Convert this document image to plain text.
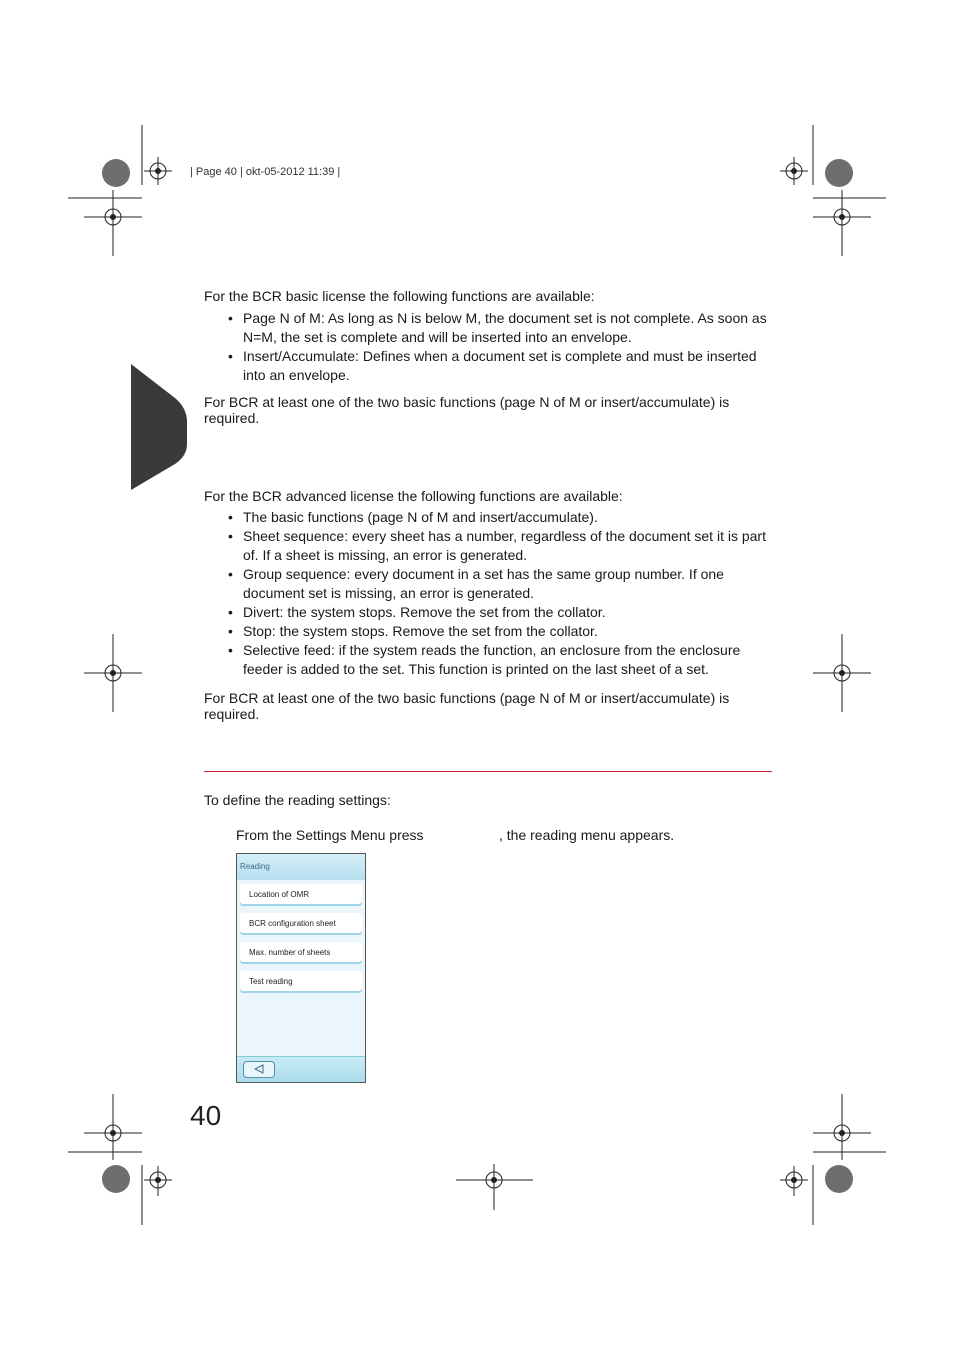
| Page 40 | okt-05-2012 11:39 |
For the BCR basic license the following functions are available:
• Page N of M: As long as N is below M, the document set is not complete. As soon as N=M, the set is complete and will be inserted into an envelope.
• Insert/Accumulate: Defines when a document set is complete and must be inserted into an envelope.
For BCR at least one of the two basic functions (page N of M or insert/accumulate) is required.
For the BCR advanced license the following functions are available:
• The basic functions (page N of M and insert/accumulate).
• Sheet sequence: every sheet has a number, regardless of the document set it is part of. If a sheet is missing, an error is generated.
• Group sequence: every document in a set has the same group number. If one document set is missing, an error is generated.
• Divert: the system stops. Remove the set from the collator.
• Stop: the system stops. Remove the set from the collator.
• Selective feed: if the system reads the function, an enclosure from the enclosure feeder is added to the set. This function is printed on the last sheet of a set.
For BCR at least one of the two basic functions (page N of M or insert/accumulate) is required.
To define the reading settings:
From the Settings Menu press	, the reading menu appears.
Reading
Location of OMR
BCR configuration sheet
Max. number of sheets
Test reading
40
